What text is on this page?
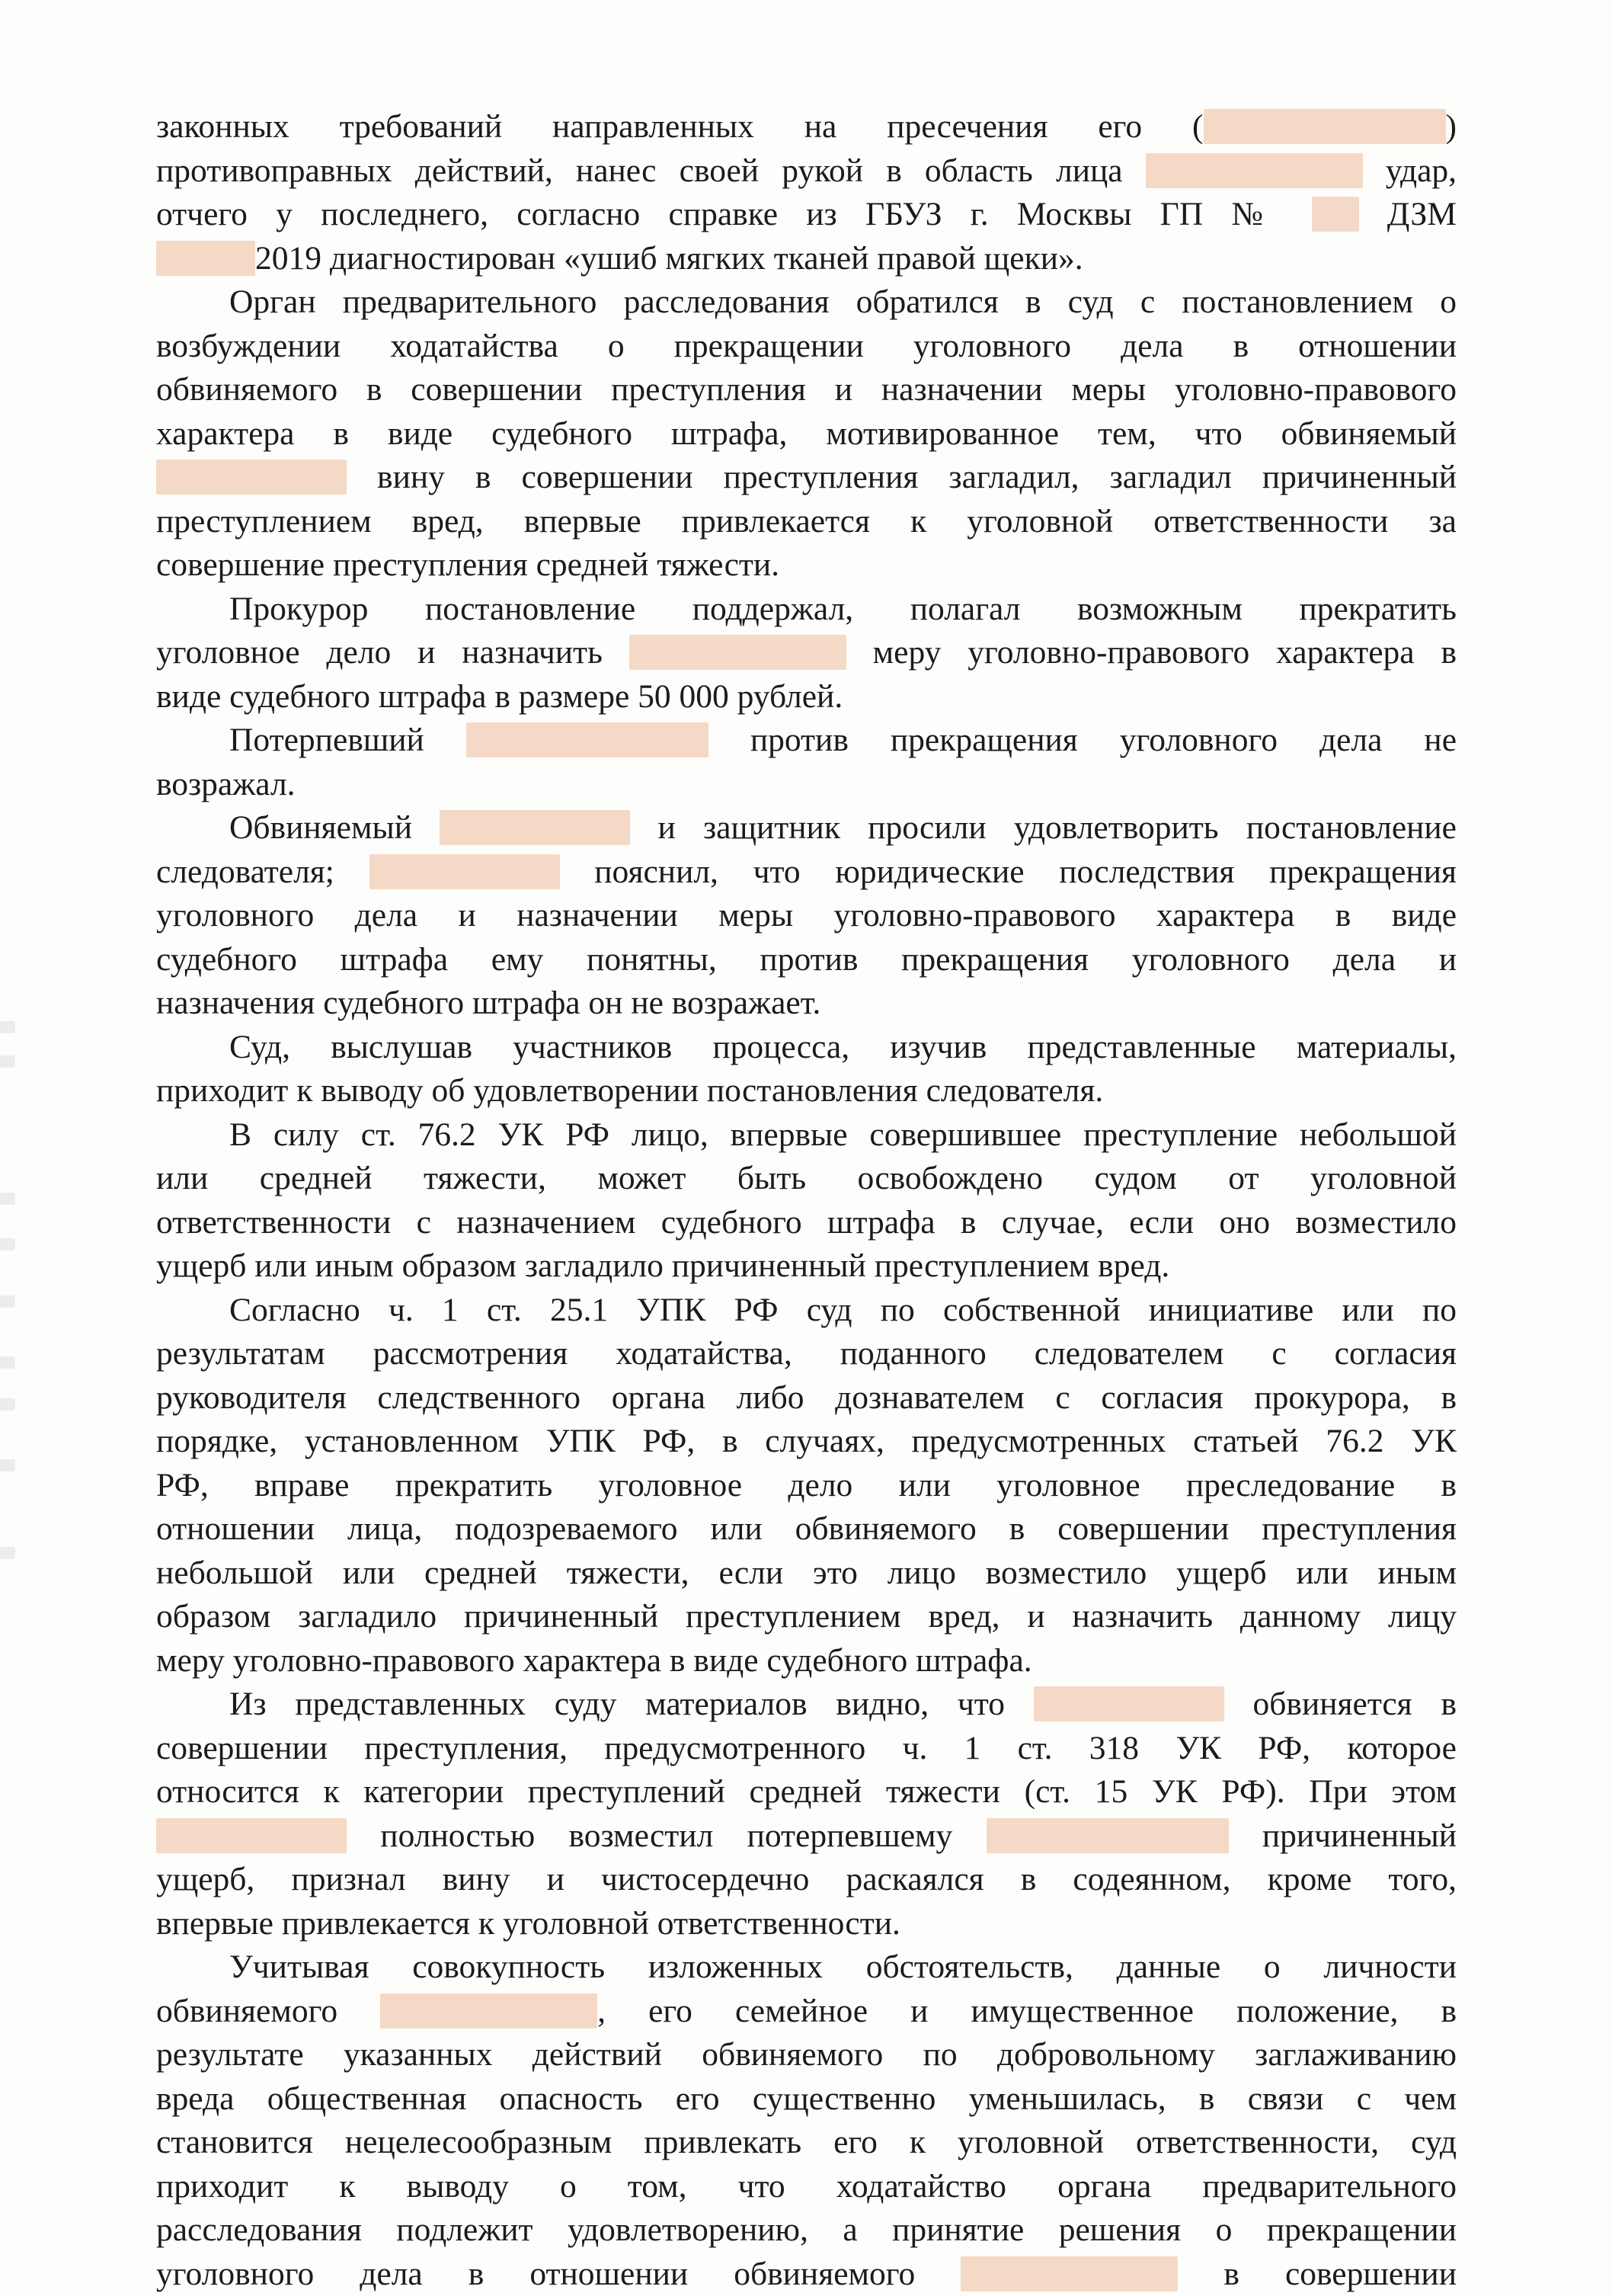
законных требований направленных на пресечения его (	)
противоправных действий, нанес своей рукой в область лица	удар,
отчего у последнего, согласно справке из ГБУЗ г. Москвы ГП №  ДЗМ
2019 диагностирован «ушиб мягких тканей правой щеки».
Орган предварительного расследования обратился в суд с постановлением о
возбуждении ходатайства о прекращении уголовного дела в отношении
обвиняемого в совершении преступления и назначении меры уголовно-правового
характера в виде судебного штрафа, мотивированное тем, что обвиняемый
вину в совершении преступления загладил, загладил причиненный
преступлением вред, впервые привлекается к уголовной ответственности за
совершение преступления средней тяжести.
Прокурор постановление поддержал, полагал возможным прекратить
уголовное дело и назначить	меру уголовно-правового характера в
виде судебного штрафа в размере 50 000 рублей.
Потерпевший	против прекращения уголовного дела не
возражал.
Обвиняемый	и защитник просили удовлетворить постановление
следователя;	пояснил, что юридические последствия прекращения
уголовного дела и назначении меры уголовно-правового характера в виде
судебного штрафа ему понятны, против прекращения уголовного дела и
назначения судебного штрафа он не возражает.
Суд, выслушав участников процесса, изучив представленные материалы,
приходит к выводу об удовлетворении постановления следователя.
В силу ст. 76.2 УК РФ лицо, впервые совершившее преступление небольшой
или средней тяжести, может быть освобождено судом от уголовной
ответственности с назначением судебного штрафа в случае, если оно возместило
ущерб или иным образом загладило причиненный преступлением вред.
Согласно ч. 1 ст. 25.1 УПК РФ суд по собственной инициативе или по
результатам рассмотрения ходатайства, поданного следователем с согласия
руководителя следственного органа либо дознавателем с согласия прокурора, в
порядке, установленном УПК РФ, в случаях, предусмотренных статьей 76.2 УК
РФ, вправе прекратить уголовное дело или уголовное преследование в
отношении лица, подозреваемого или обвиняемого в совершении преступления
небольшой или средней тяжести, если это лицо возместило ущерб или иным
образом загладило причиненный преступлением вред, и назначить данному лицу
меру уголовно-правового характера в виде судебного штрафа.
Из представленных суду материалов видно, что	обвиняется в
совершении преступления, предусмотренного ч. 1 ст. 318 УК РФ, которое
относится к категории преступлений средней тяжести (ст. 15 УК РФ). При этом
полностью возместил потерпевшему	причиненный
ущерб, признал вину и чистосердечно раскаялся в содеянном, кроме того,
впервые привлекается к уголовной ответственности.
Учитывая совокупность изложенных обстоятельств, данные о личности
обвиняемого	, его семейное и имущественное положение, в
результате указанных действий обвиняемого по добровольному заглаживанию
вреда общественная опасность его существенно уменьшилась, в связи с чем
становится нецелесообразным привлекать его к уголовной ответственности, суд
приходит к выводу о том, что ходатайство органа предварительного
расследования подлежит удовлетворению, а принятие решения о прекращении
уголовного дела в отношении обвиняемого	в совершении
